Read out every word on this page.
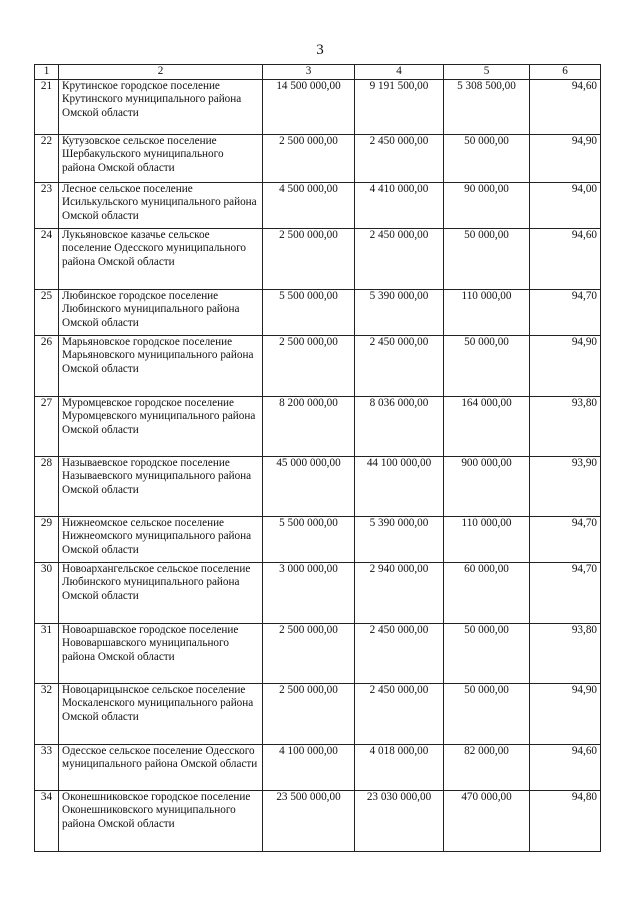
3
1	2	3	4	5	6
21	Крутинское городское поселение Крутинского муниципального района Омской области	14 500 000,00	9 191 500,00	5 308 500,00	94,60
22	Кутузовское сельское поселение Шербакульского муниципального района Омской области	2 500 000,00	2 450 000,00	50 000,00	94,90
23	Лесное сельское поселение Исилькульского муниципального района Омской области	4 500 000,00	4 410 000,00	90 000,00	94,00
24	Лукьяновское казачье сельское поселение Одесского муниципального района Омской области	2 500 000,00	2 450 000,00	50 000,00	94,60
25	Любинское городское поселение Любинского муниципального района Омской области	5 500 000,00	5 390 000,00	110 000,00	94,70
26	Марьяновское городское поселение Марьяновского муниципального района Омской области	2 500 000,00	2 450 000,00	50 000,00	94,90
27	Муромцевское городское поселение Муромцевского муниципального района Омской области	8 200 000,00	8 036 000,00	164 000,00	93,80
28	Называевское городское поселение Называевского муниципального района Омской области	45 000 000,00	44 100 000,00	900 000,00	93,90
29	Нижнеомское сельское поселение Нижнеомского муниципального района Омской области	5 500 000,00	5 390 000,00	110 000,00	94,70
30	Новоархангельское сельское поселение Любинского муниципального района Омской области	3 000 000,00	2 940 000,00	60 000,00	94,70
31	Новоаршавское городское поселение Нововаршавского муниципального района Омской области	2 500 000,00	2 450 000,00	50 000,00	93,80
32	Новоцарицынское сельское поселение Москаленского муниципального района Омской области	2 500 000,00	2 450 000,00	50 000,00	94,90
33	Одесское сельское поселение Одесского муниципального района Омской области	4 100 000,00	4 018 000,00	82 000,00	94,60
34	Оконешниковское городское поселение Оконешниковского муниципального района Омской области	23 500 000,00	23 030 000,00	470 000,00	94,80
